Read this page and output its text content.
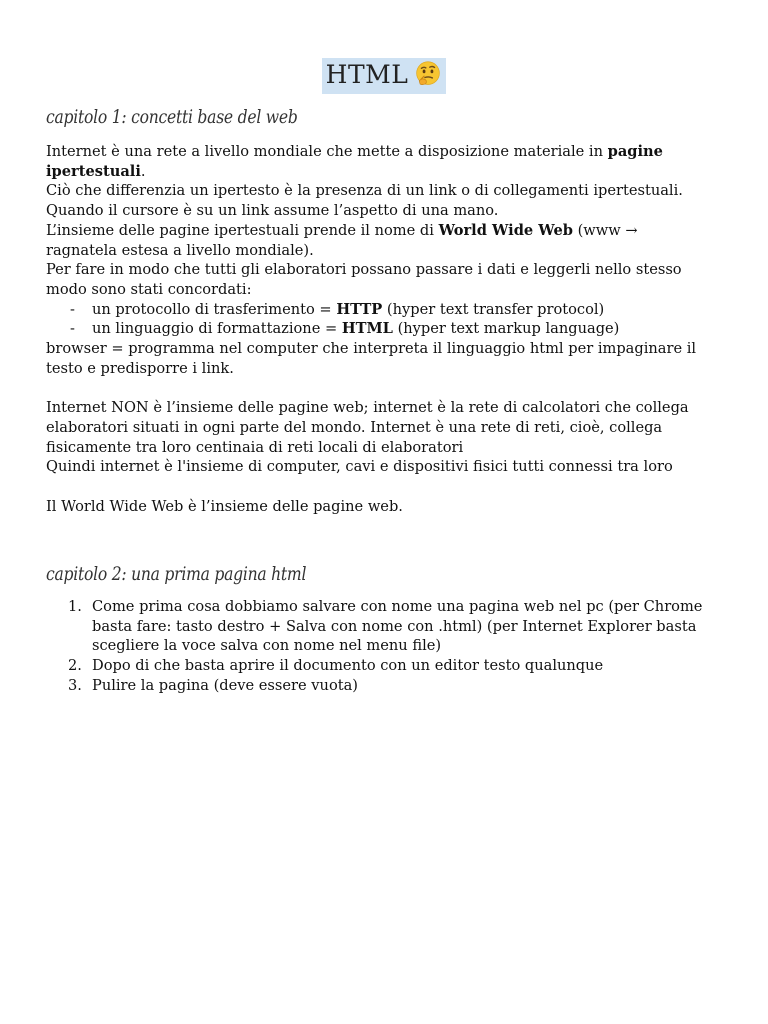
HTML
capitolo 1: concetti base del web

Internet è una rete a livello mondiale che mette a disposizione materiale in pagine ipertestuali.

Ciò che differenzia un ipertesto è la presenza di un link o di collegamenti ipertestuali.

Quando il cursore è su un link assume l’aspetto di una mano.

L’insieme delle pagine ipertestuali prende il nome di World Wide Web (www → ragnatela estesa a livello mondiale).

Per fare in modo che tutti gli elaboratori possano passare i dati e leggerli nello stesso modo sono stati concordati:

- un protocollo di trasferimento = HTTP (hyper text transfer protocol)
- un linguaggio di formattazione = HTML (hyper text markup language)

browser = programma nel computer che interpreta il linguaggio html per impaginare il testo e predisporre i link.

Internet NON è l’insieme delle pagine web; internet è la rete di calcolatori che collega elaboratori situati in ogni parte del mondo. Internet è una rete di reti, cioè, collega fisicamente tra loro centinaia di reti locali di elaboratori

Quindi internet è l'insieme di computer, cavi e dispositivi fisici tutti connessi tra loro

Il World Wide Web è l’insieme delle pagine web.

capitolo 2: una prima pagina html
1. Come prima cosa dobbiamo salvare con nome una pagina web nel pc (per Chrome basta fare: tasto destro + Salva con nome con .html) (per Internet Explorer basta scegliere la voce salva con nome nel menu file)
2. Dopo di che basta aprire il documento con un editor testo qualunque
3. Pulire la pagina (deve essere vuota)
